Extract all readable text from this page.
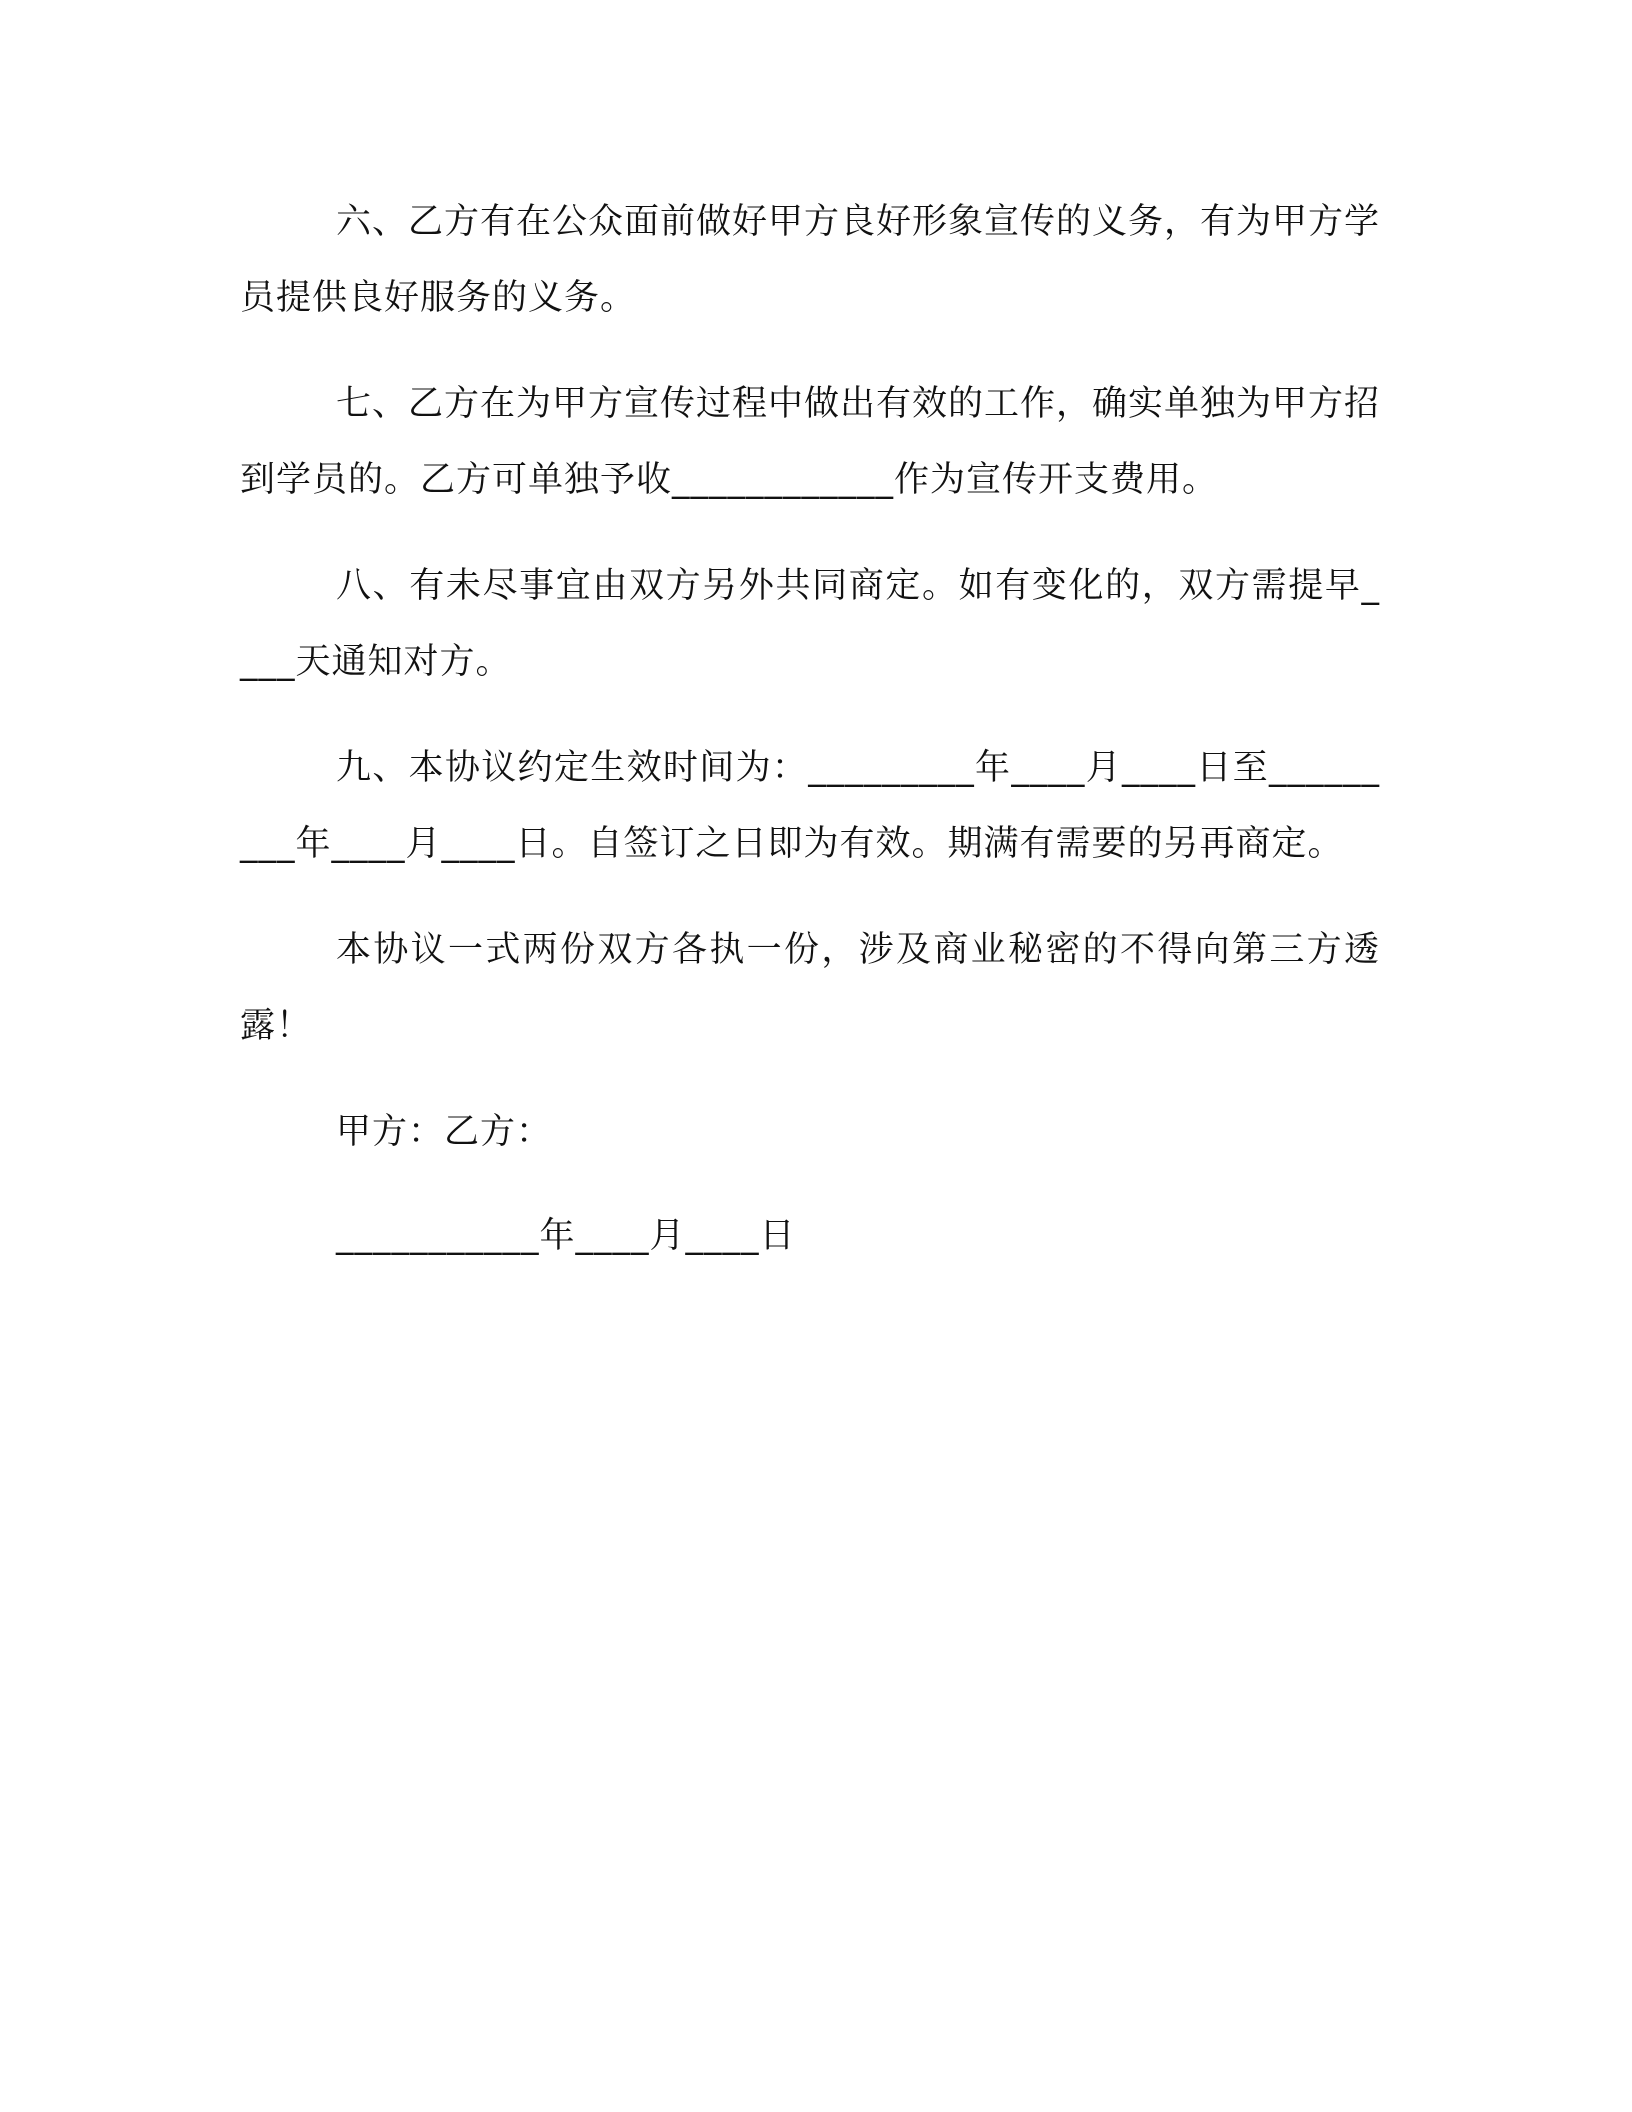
六、乙方有在公众面前做好甲方良好形象宣传的义务，有为甲方学员提供良好服务的义务。

七、乙方在为甲方宣传过程中做出有效的工作，确实单独为甲方招到学员的。乙方可单独予收____________作为宣传开支费用。

八、有未尽事宜由双方另外共同商定。如有变化的，双方需提早____天通知对方。

九、本协议约定生效时间为：_________年____月____日至_________年____月____日。自签订之日即为有效。期满有需要的另再商定。

本协议一式两份双方各执一份，涉及商业秘密的不得向第三方透露！

甲方：乙方：

___________年____月____日
